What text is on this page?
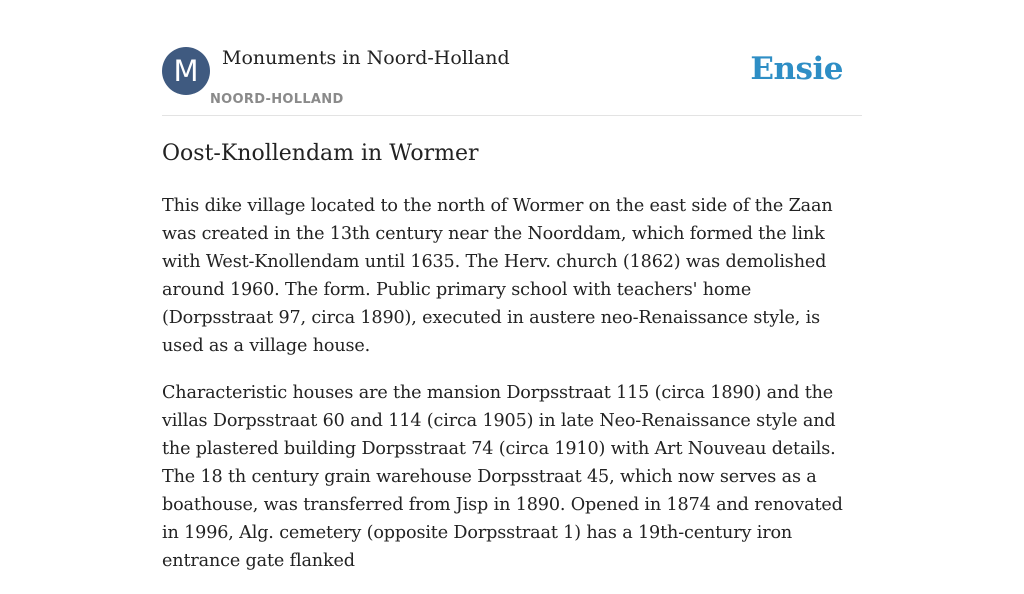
M	Monuments in Noord-Holland
NOORD-HOLLAND
Ensie
Oost-Knollendam in Wormer

This dike village located to the north of Wormer on the east side of the Zaan was created in the 13th century near the Noorddam, which formed the link with West-Knollendam until 1635. The Herv. church (1862) was demolished around 1960. The form. Public primary school with teachers' home (Dorpsstraat 97, circa 1890), executed in austere neo-Renaissance style, is used as a village house.

Characteristic houses are the mansion Dorpsstraat 115 (circa 1890) and the villas Dorpsstraat 60 and 114 (circa 1905) in late Neo-Renaissance style and the plastered building Dorpsstraat 74 (circa 1910) with Art Nouveau details. The 18 th century grain warehouse Dorpsstraat 45, which now serves as a boathouse, was transferred from Jisp in 1890. Opened in 1874 and renovated in 1996, Alg. cemetery (opposite Dorpsstraat 1) has a 19th-century iron entrance gate flanked
